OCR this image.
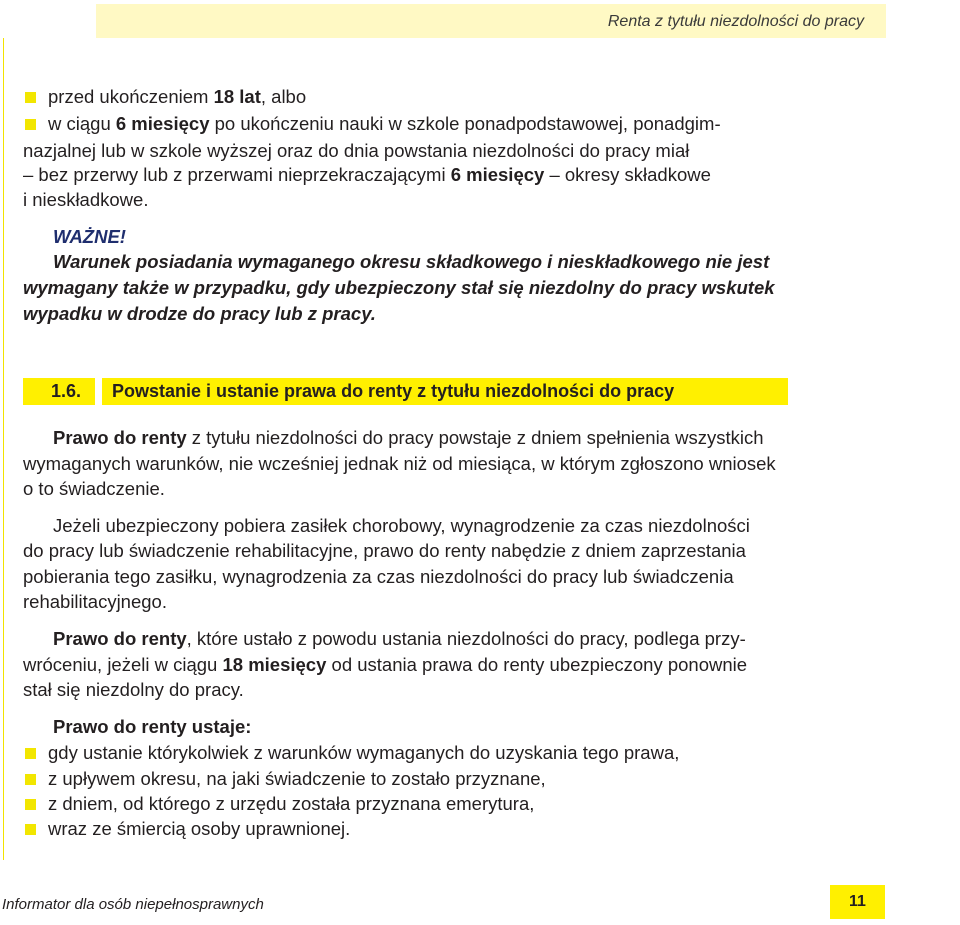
Renta z tytułu niezdolności do pracy
przed ukończeniem 18 lat, albo
w ciągu 6 miesięcy po ukończeniu nauki w szkole ponadpodstawowej, ponadgim-
nazjalnej lub w szkole wyższej oraz do dnia powstania niezdolności do pracy miał
– bez przerwy lub z przerwami nieprzekraczającymi 6 miesięcy – okresy składkowe
i nieskładkowe.
WAŻNE!
Warunek posiadania wymaganego okresu składkowego i nieskładkowego nie jest
wymagany także w przypadku, gdy ubezpieczony stał się niezdolny do pracy wskutek
wypadku w drodze do pracy lub z pracy.
1.6. Powstanie i ustanie prawa do renty z tytułu niezdolności do pracy
Prawo do renty z tytułu niezdolności do pracy powstaje z dniem spełnienia wszystkich
wymaganych warunków, nie wcześniej jednak niż od miesiąca, w którym zgłoszono wniosek
o to świadczenie.
Jeżeli ubezpieczony pobiera zasiłek chorobowy, wynagrodzenie za czas niezdolności
do pracy lub świadczenie rehabilitacyjne, prawo do renty nabędzie z dniem zaprzestania
pobierania tego zasiłku, wynagrodzenia za czas niezdolności do pracy lub świadczenia
rehabilitacyjnego.
Prawo do renty, które ustało z powodu ustania niezdolności do pracy, podlega przy-
wróceniu, jeżeli w ciągu 18 miesięcy od ustania prawa do renty ubezpieczony ponownie
stał się niezdolny do pracy.
Prawo do renty ustaje:
gdy ustanie którykolwiek z warunków wymaganych do uzyskania tego prawa,
z upływem okresu, na jaki świadczenie to zostało przyznane,
z dniem, od którego z urzędu została przyznana emerytura,
wraz ze śmiercią osoby uprawnionej.
Informator dla osób niepełnosprawnych	11
